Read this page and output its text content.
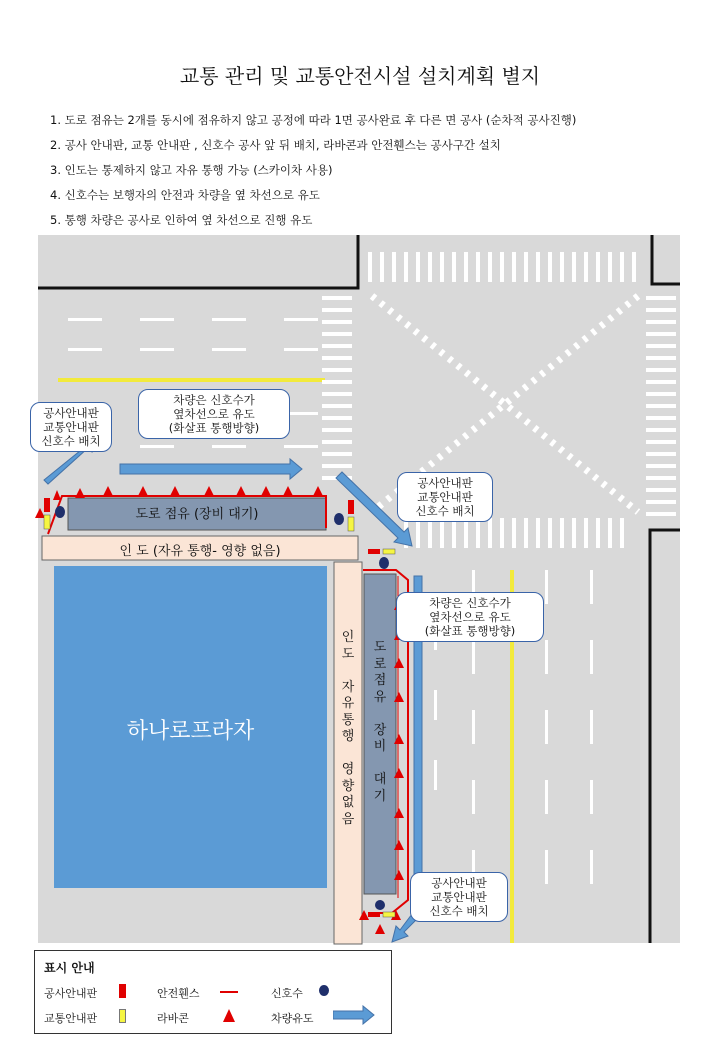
교통 관리 및 교통안전시설 설치계획 별지
1. 도로 점유는 2개를 동시에 점유하지 않고 공정에 따라 1면 공사완료 후 다른 면 공사 (순차적 공사진행)
2. 공사 안내판, 교통 안내판 , 신호수 공사 앞 뒤 배치, 라바콘과 안전휀스는 공사구간 설치
3. 인도는 통제하지 않고 자유 통행 가능 (스카이차 사용)
4. 신호수는 보행자의 안전과 차량을 옆 차선으로 유도
5. 통행 차량은 공사로 인하여 옆 차선으로 진행 유도
도로 점유 (장비 대기)
인 도 (자유 통행- 영향 없음)
하나로프라자
인
도

자
유
통
행

영
향
없
음
도
로
점
유

장
비

대
기
공사안내판
교통안내판
신호수 배치
차량은 신호수가
옆차선으로 유도
(화살표 통행방향)
공사안내판
교통안내판
신호수 배치
차량은 신호수가
옆차선으로 유도
(화살표 통행방향)
공사안내판
교통안내판
신호수 배치
표시 안내
공사안내판	안전휀스	신호수
교통안내판	라바콘	차량유도
